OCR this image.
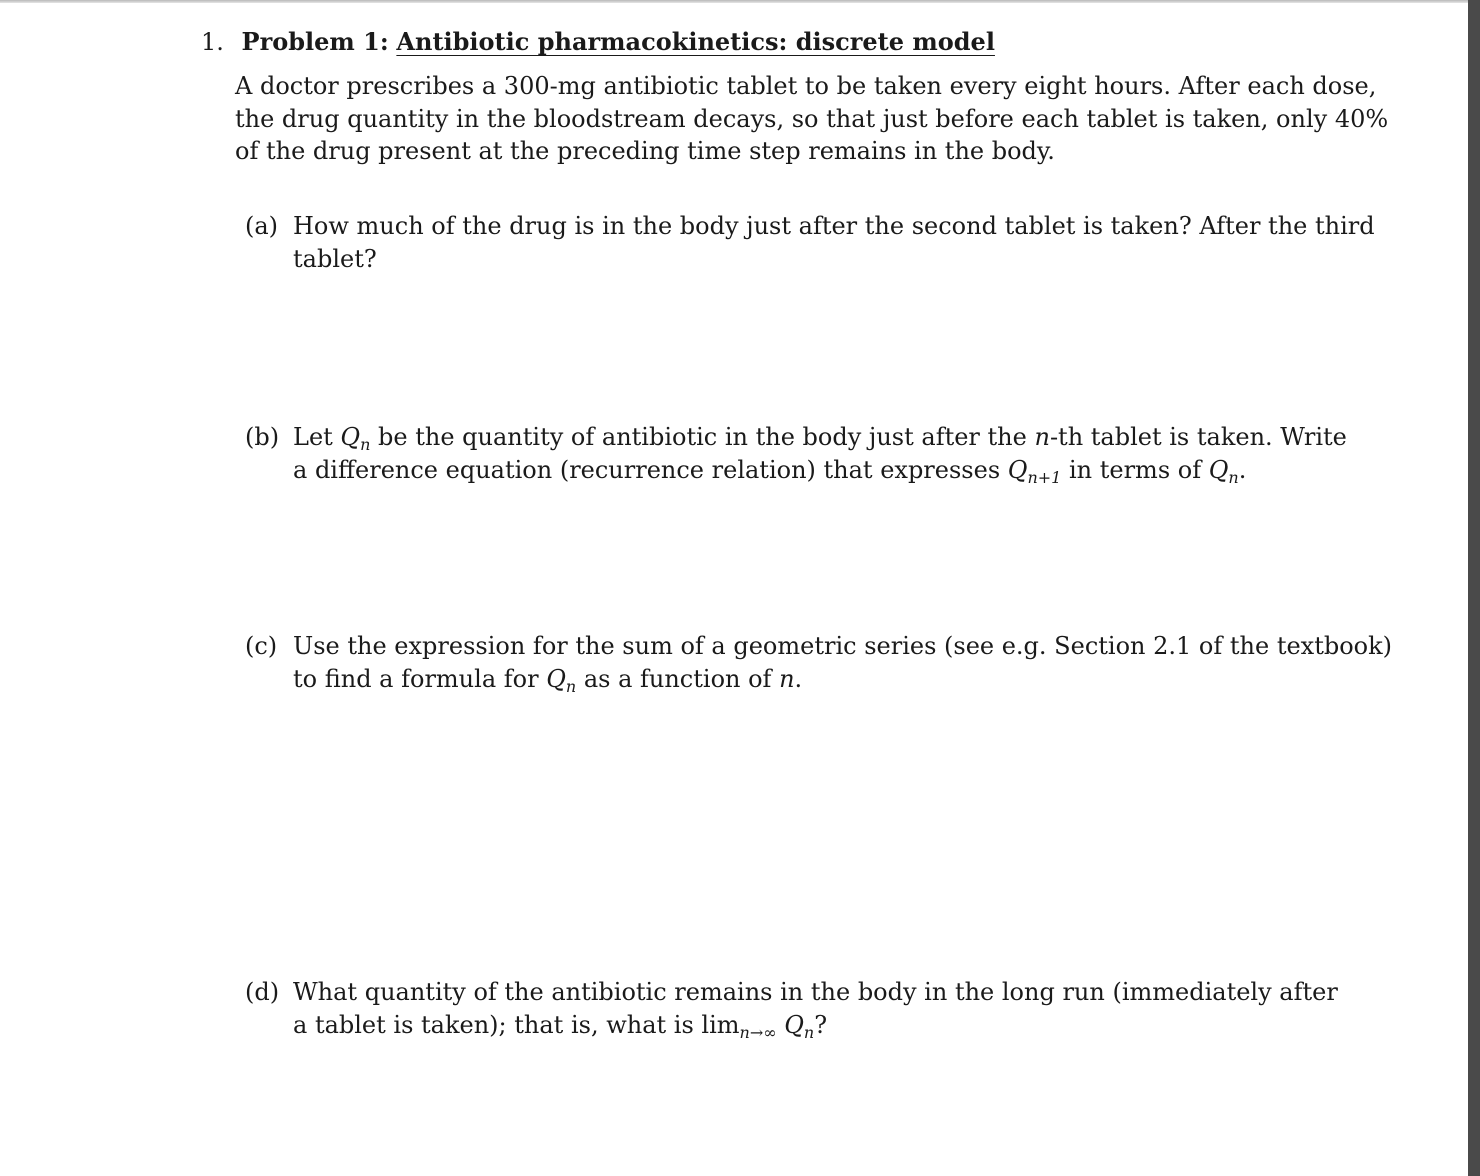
1. Problem 1: Antibiotic pharmacokinetics: discrete model
A doctor prescribes a 300-mg antibiotic tablet to be taken every eight hours. After each dose,
the drug quantity in the bloodstream decays, so that just before each tablet is taken, only 40%
of the drug present at the preceding time step remains in the body.
(a) How much of the drug is in the body just after the second tablet is taken? After the third
tablet?
(b) Let $Q_n$ be the quantity of antibiotic in the body just after the n-th tablet is taken. Write
a difference equation (recurrence relation) that expresses $Q_{n+1}$ in terms of $Q_n$.
(c) Use the expression for the sum of a geometric series (see e.g. Section 2.1 of the textbook)
to find a formula for $Q_n$ as a function of n.
(d) What quantity of the antibiotic remains in the body in the long run (immediately after
a tablet is taken); that is, what is $\lim_{n\to\infty} Q_n$?
